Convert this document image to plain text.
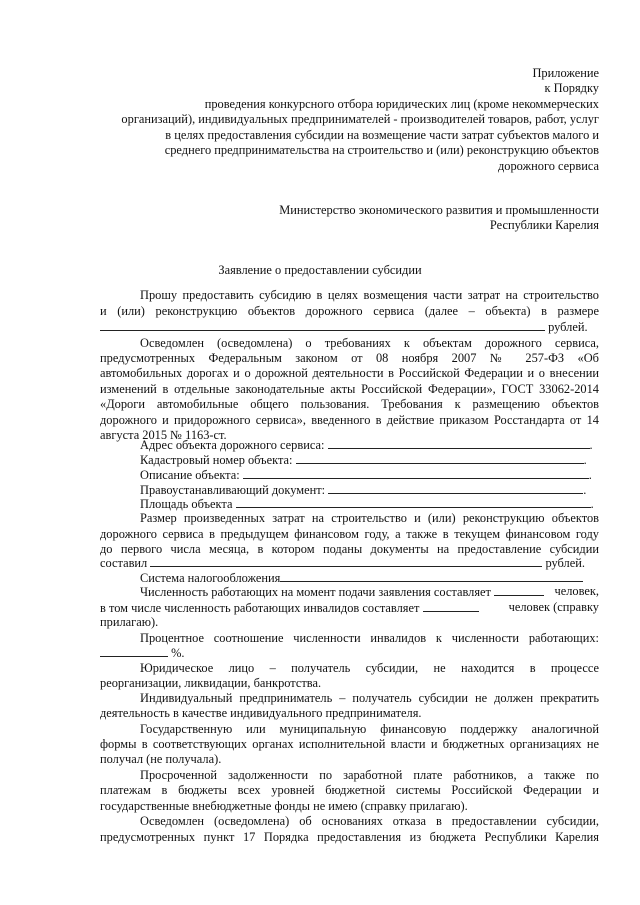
Приложение
к Порядку
проведения конкурсного отбора юридических лиц (кроме некоммерческих
организаций), индивидуальных предпринимателей - производителей товаров, работ, услуг
в целях предоставления субсидии на возмещение части затрат субъектов малого и
среднего предпринимательства на строительство и (или) реконструкцию объектов
дорожного сервиса
Министерство экономического развития и промышленности
Республики Карелия
Заявление о предоставлении субсидии
Прошу предоставить субсидию в целях возмещения части затрат на строительство
и (или) реконструкцию объектов дорожного сервиса (далее – объекта) в размере
рублей.
Осведомлен (осведомлена) о требованиях к объектам дорожного сервиса,
предусмотренных Федеральным законом от 08 ноября 2007 № 257-ФЗ «Об
автомобильных дорогах и о дорожной деятельности в Российской Федерации и о внесении
изменений в отдельные законодательные акты Российской Федерации», ГОСТ 33062-2014
«Дороги автомобильные общего пользования. Требования к размещению объектов
дорожного и придорожного сервиса», введенного в действие приказом Росстандарта от 14
августа 2015 № 1163-ст.
Адрес объекта дорожного сервиса:	.
Кадастровый номер объекта:	.
Описание объекта:	.
Правоустанавливающий документ:	.
Площадь объекта	.
Размер произведенных затрат на строительство и (или) реконструкцию объектов
дорожного сервиса в предыдущем финансовом году, а также в текущем финансовом году
до первого числа месяца, в котором поданы документы на предоставление субсидии
составил	рублей.
Система налогообложения
Численность работающих на момент подачи заявления составляет	человек,
в том числе численность работающих инвалидов составляет	человек (справку
прилагаю).
Процентное соотношение численности инвалидов к численности работающих:
%.
Юридическое лицо – получатель субсидии, не находится в процессе
реорганизации, ликвидации, банкротства.
Индивидуальный предприниматель – получатель субсидии не должен прекратить
деятельность в качестве индивидуального предпринимателя.
Государственную или муниципальную финансовую поддержку аналогичной
формы в соответствующих органах исполнительной власти и бюджетных организациях не
получал (не получала).
Просроченной задолженности по заработной плате работников, а также по
платежам в бюджеты всех уровней бюджетной системы Российской Федерации и
государственные внебюджетные фонды не имею (справку прилагаю).
Осведомлен (осведомлена) об основаниях отказа в предоставлении субсидии,
предусмотренных пункт 17 Порядка предоставления из бюджета Республики Карелия
